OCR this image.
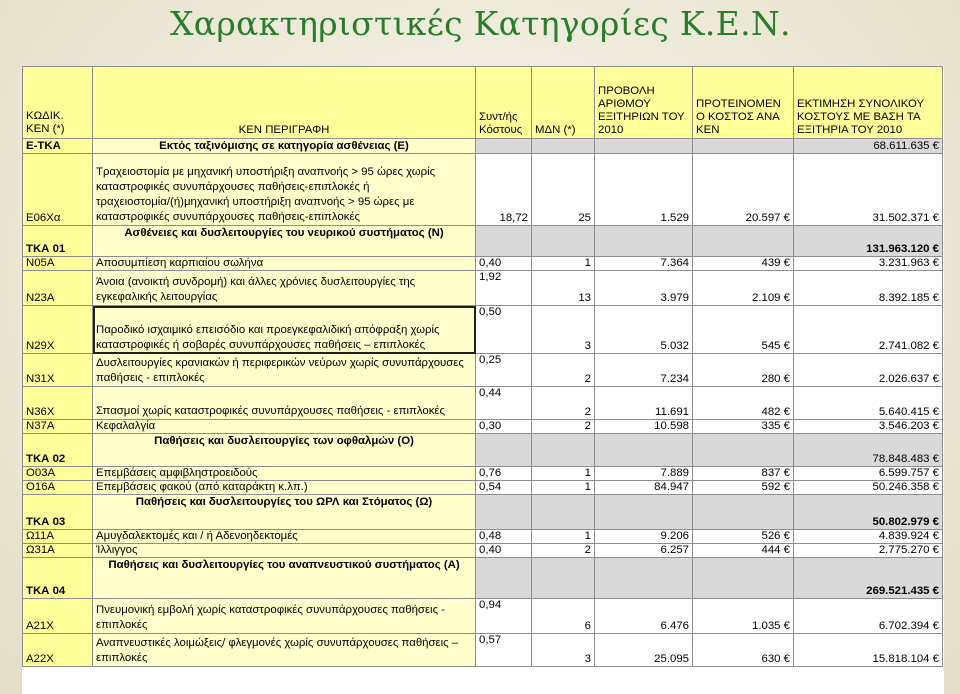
Χαρακτηριστικές Κατηγορίες Κ.Ε.Ν.
ΚΩΔΙΚ. ΚΕΝ (*)	ΚΕΝ ΠΕΡΙΓΡΑΦΗ	Συντ/ής Κόστους	ΜΔΝ (*)	ΠΡΟΒΟΛΗ ΑΡΙΘΜΟΥ ΕΞΙΤΗΡΙΩΝ ΤΟΥ 2010	ΠΡΟΤΕΙΝΟΜΕΝ Ο ΚΟΣΤΟΣ ΑΝΑ ΚΕΝ	ΕΚΤΙΜΗΣΗ ΣΥΝΟΛΙΚΟΥ ΚΟΣΤΟΥΣ ΜΕ ΒΑΣΗ ΤΑ ΕΞΙΤΗΡΙΑ ΤΟΥ 2010
Ε-ΤΚΑ	Εκτός ταξινόμισης σε κατηγορία ασθένειας (Ε)					68.611.635 €
Ε06Χα	Τραχειοστομία με μηχανική υποστήριξη αναπνοής > 95 ώρες χωρίς καταστροφικές συνυπάρχουσες παθήσεις-επιπλοκές ή τραχειοστομία/(ή)μηχανική υποστήριξη αναπνοής > 95 ώρες με καταστροφικές συνυπάρχουσες παθήσεις-επιπλοκές	18,72	25	1.529	20.597 €	31.502.371 €
ΤΚΑ 01	Ασθένειες και δυσλειτουργίες του νευρικού συστήματος (Ν)					131.963.120 €
Ν05Α	Αποσυμπίεση καρπιαίου σωλήνα	0,40	1	7.364	439 €	3.231.963 €
Ν23Α	Άνοια (ανοικτή συνδρομή) και άλλες χρόνιες δυσλειτουργίες της εγκεφαλικής λειτουργίας	1,92	13	3.979	2.109 €	8.392.185 €
Ν29Χ	Παροδικό ισχαιμικό επεισόδιο και προεγκεφαλιδική απόφραξη χωρίς καταστροφικές ή σοβαρές συνυπάρχουσες παθήσεις – επιπλοκές	0,50	3	5.032	545 €	2.741.082 €
Ν31Χ	Δυσλειτουργίες κρανιακών ή περιφερικών νεύρων χωρίς συνυπάρχουσες παθήσεις - επιπλοκές	0,25	2	7.234	280 €	2.026.637 €
Ν36Χ	Σπασμοί χωρίς καταστροφικές συνυπάρχουσες παθήσεις - επιπλοκές	0,44	2	11.691	482 €	5.640.415 €
Ν37Α	Κεφαλαλγία	0,30	2	10.598	335 €	3.546.203 €
ΤΚΑ 02	Παθήσεις και δυσλειτουργίες των οφθαλμών (Ο)					78.848.483 €
Ο03Α	Επεμβάσεις αμφιβληστροειδούς	0,76	1	7.889	837 €	6.599.757 €
Ο16Α	Επεμβάσεις φακού (από καταράκτη κ.λπ.)	0,54	1	84.947	592 €	50.246.358 €
ΤΚΑ 03	Παθήσεις και δυσλειτουργίες του ΩΡΛ και Στόματος (Ω)					50.802.979 €
Ω11Α	Αμυγδαλεκτομές και / ή Αδενοηδεκτομές	0,48	1	9.206	526 €	4.839.924 €
Ω31Α	Ίλλιγγος	0,40	2	6.257	444 €	2.775.270 €
ΤΚΑ 04	Παθήσεις και δυσλειτουργίες του αναπνευστικού συστήματος (Α)					269.521.435 €
Α21Χ	Πνευμονική εμβολή χωρίς καταστροφικές συνυπάρχουσες παθήσεις - επιπλοκές	0,94	6	6.476	1.035 €	6.702.394 €
Α22Χ	Αναπνευστικές λοιμώξεις/ φλεγμονές χωρίς συνυπάρχουσες παθήσεις – επιπλοκές	0,57	3	25.095	630 €	15.818.104 €
